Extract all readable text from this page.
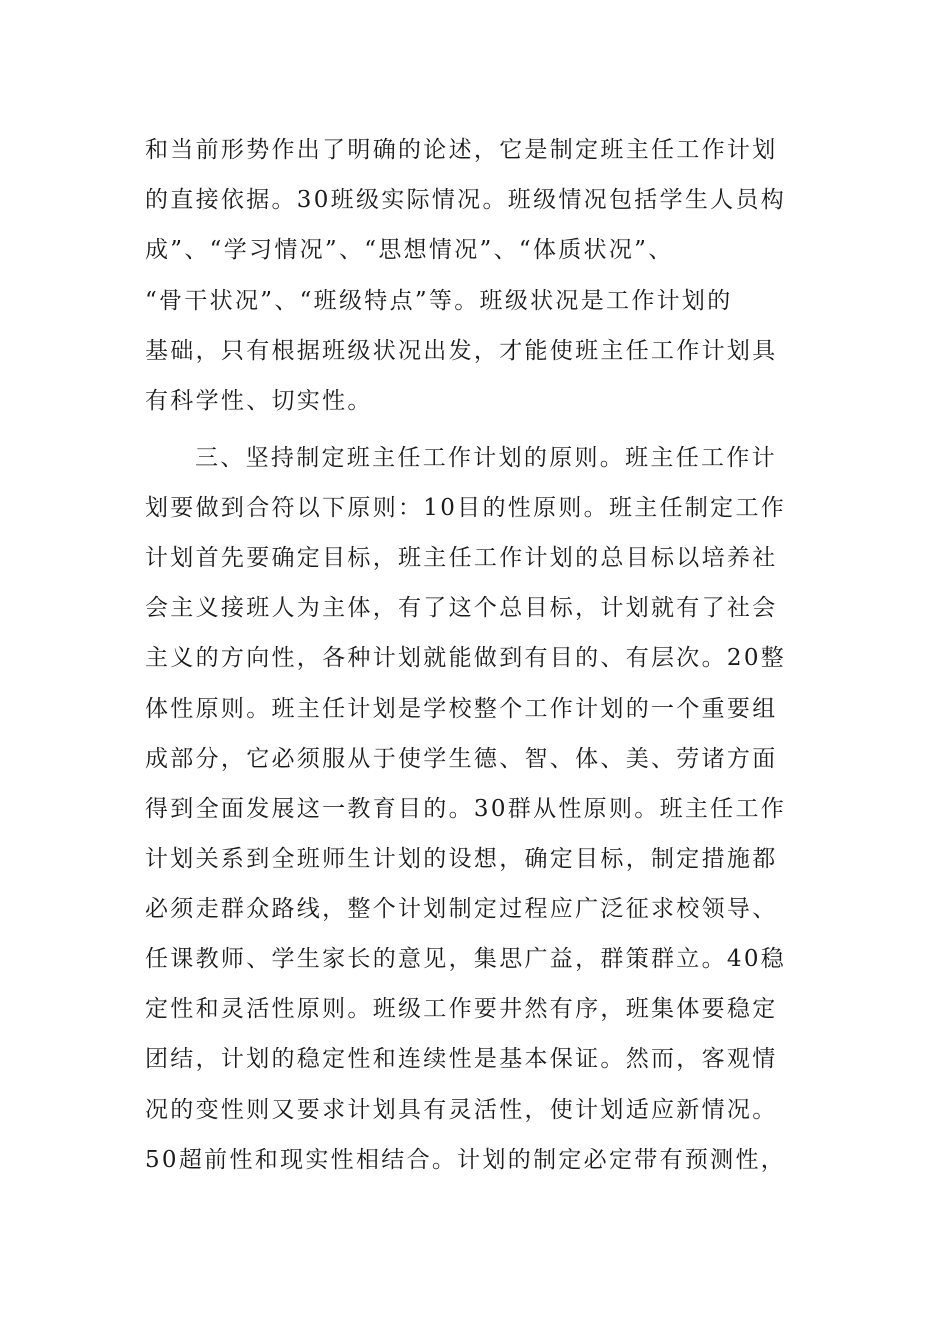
和当前形势作出了明确的论述，它是制定班主任工作计划
的直接依据。30班级实际情况。班级情况包括学生人员构
成”、“学习情况”、“思想情况”、“体质状况”、
“骨干状况”、“班级特点”等。班级状况是工作计划的
基础，只有根据班级状况出发，才能使班主任工作计划具
有科学性、切实性。
三、坚持制定班主任工作计划的原则。班主任工作计
划要做到合符以下原则：10目的性原则。班主任制定工作
计划首先要确定目标，班主任工作计划的总目标以培养社
会主义接班人为主体，有了这个总目标，计划就有了社会
主义的方向性，各种计划就能做到有目的、有层次。20整
体性原则。班主任计划是学校整个工作计划的一个重要组
成部分，它必须服从于使学生德、智、体、美、劳诸方面
得到全面发展这一教育目的。30群从性原则。班主任工作
计划关系到全班师生计划的设想，确定目标，制定措施都
必须走群众路线，整个计划制定过程应广泛征求校领导、
任课教师、学生家长的意见，集思广益，群策群立。40稳
定性和灵活性原则。班级工作要井然有序，班集体要稳定
团结，计划的稳定性和连续性是基本保证。然而，客观情
况的变性则又要求计划具有灵活性，使计划适应新情况。
50超前性和现实性相结合。计划的制定必定带有预测性，
